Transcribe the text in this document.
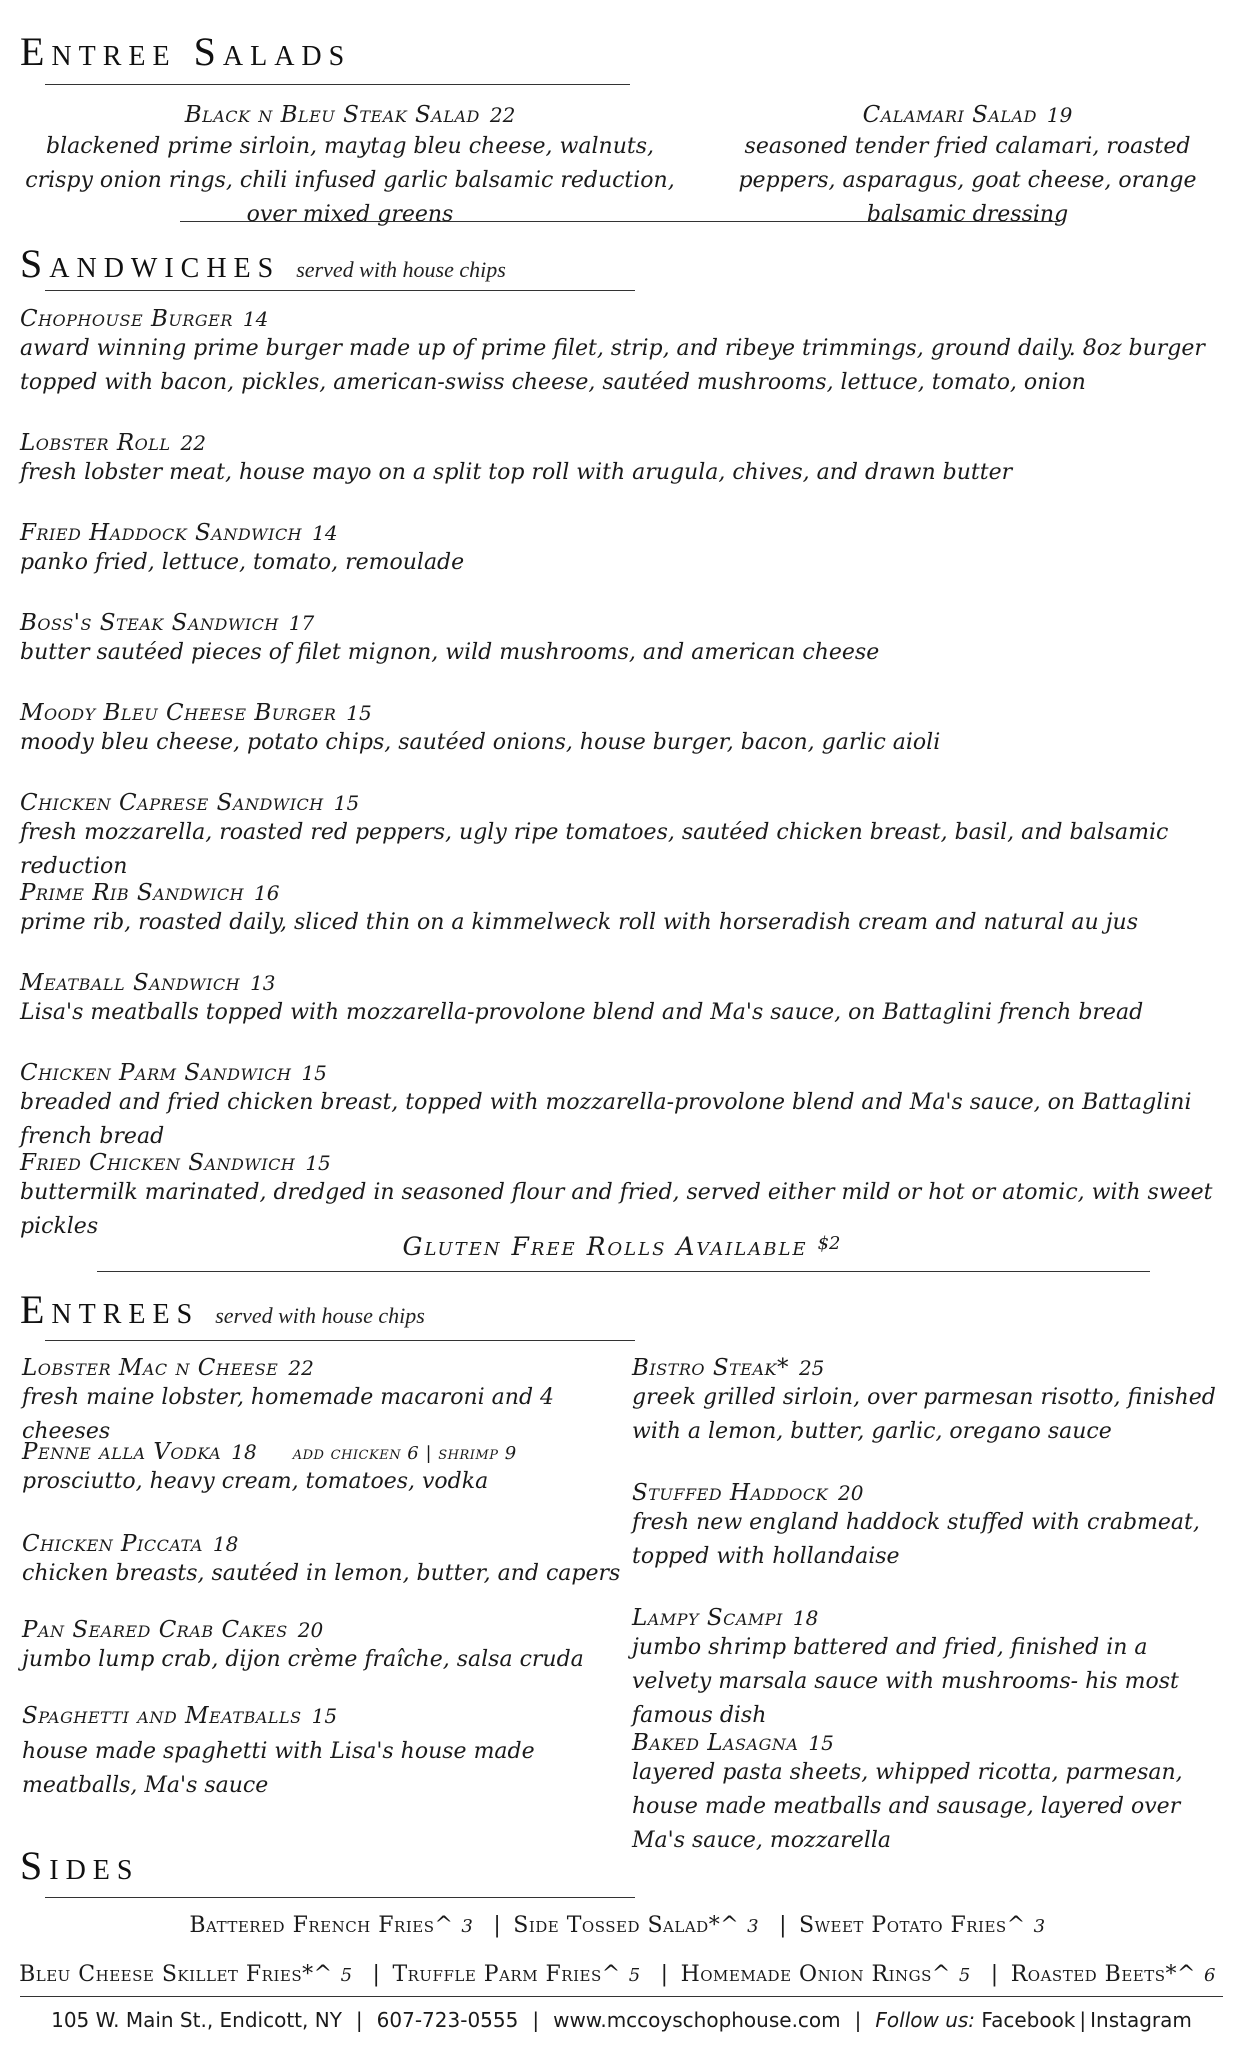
Entree Salads
Black n Bleu Steak Salad 22
blackened prime sirloin, maytag bleu cheese, walnuts, crispy onion rings, chili infused garlic balsamic reduction, over mixed greens
Calamari Salad 19
seasoned tender fried calamari, roasted peppers, asparagus, goat cheese, orange balsamic dressing
Sandwiches served with house chips
Chophouse Burger 14
award winning prime burger made up of prime filet, strip, and ribeye trimmings, ground daily. 8oz burger topped with bacon, pickles, american-swiss cheese, sautéed mushrooms, lettuce, tomato, onion
Lobster Roll 22
fresh lobster meat, house mayo on a split top roll with arugula, chives, and drawn butter
Fried Haddock Sandwich 14
panko fried, lettuce, tomato, remoulade
Boss's Steak Sandwich 17
butter sautéed pieces of filet mignon, wild mushrooms, and american cheese
Moody Bleu Cheese Burger 15
moody bleu cheese, potato chips, sautéed onions, house burger, bacon, garlic aioli
Chicken Caprese Sandwich 15
fresh mozzarella, roasted red peppers, ugly ripe tomatoes, sautéed chicken breast, basil, and balsamic reduction
Prime Rib Sandwich 16
prime rib, roasted daily, sliced thin on a kimmelweck roll with horseradish cream and natural au jus
Meatball Sandwich 13
Lisa's meatballs topped with mozzarella-provolone blend and Ma's sauce, on Battaglini french bread
Chicken Parm Sandwich 15
breaded and fried chicken breast, topped with mozzarella-provolone blend and Ma's sauce, on Battaglini french bread
Fried Chicken Sandwich 15
buttermilk marinated, dredged in seasoned flour and fried, served either mild or hot or atomic, with sweet pickles
Gluten Free Rolls Available $^{\$2}$
Entrees served with house chips
Lobster Mac n Cheese 22
fresh maine lobster, homemade macaroni and 4 cheeses
Penne alla Vodka 18 add chicken 6 | shrimp 9
prosciutto, heavy cream, tomatoes, vodka
Chicken Piccata 18
chicken breasts, sautéed in lemon, butter, and capers
Pan Seared Crab Cakes 20
jumbo lump crab, dijon crème fraîche, salsa cruda
Spaghetti and Meatballs 15
house made spaghetti with Lisa's house made meatballs, Ma's sauce
Bistro Steak* 25
greek grilled sirloin, over parmesan risotto, finished with a lemon, butter, garlic, oregano sauce
Stuffed Haddock 20
fresh new england haddock stuffed with crabmeat, topped with hollandaise
Lampy Scampi 18
jumbo shrimp battered and fried, finished in a velvety marsala sauce with mushrooms- his most famous dish
Baked Lasagna 15
layered pasta sheets, whipped ricotta, parmesan, house made meatballs and sausage, layered over Ma's sauce, mozzarella
Sides
Battered French Fries^ 3 | Side Tossed Salad*^ 3 | Sweet Potato Fries^ 3
Bleu Cheese Skillet Fries*^ 5 | Truffle Parm Fries^ 5 | Homemade Onion Rings^ 5 | Roasted Beets*^ 6
105 W. Main St., Endicott, NY | 607-723-0555 | www.mccoyschophouse.com | Follow us: Facebook | Instagram
